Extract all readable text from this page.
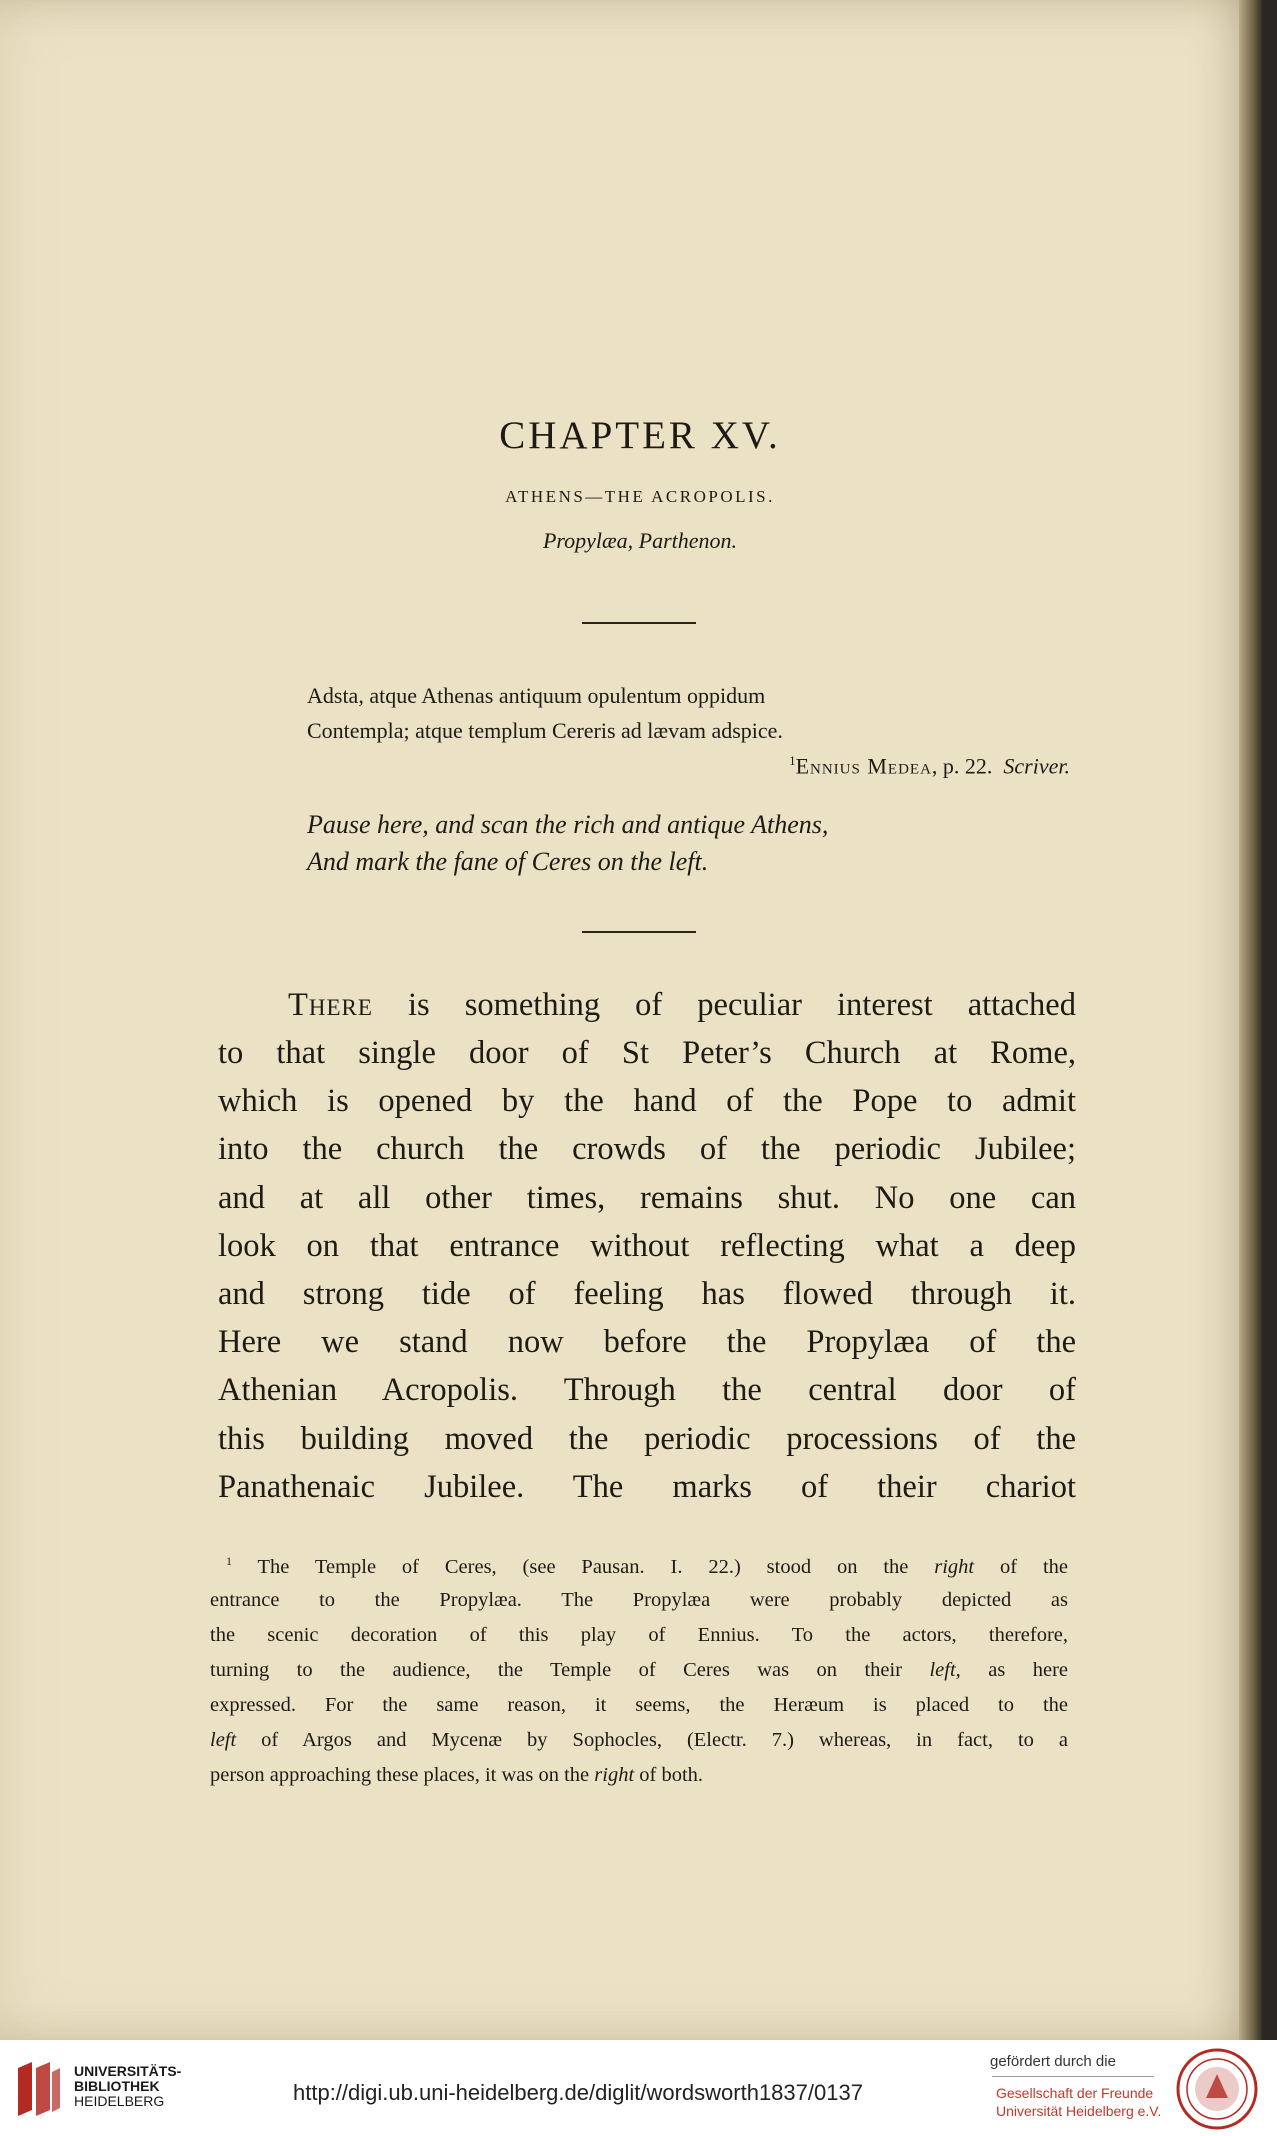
CHAPTER XV.
ATHENS—THE ACROPOLIS.
Propylæa, Parthenon.
Adsta, atque Athenas antiquum opulentum oppidum
Contempla; atque templum Cereris ad lævam adspice.
$^1$Ennius Medea, p. 22. Scriver.
Pause here, and scan the rich and antique Athens,
And mark the fane of Ceres on the left.
There is something of peculiar interest attached
to that single door of St Peter’s Church at Rome,
which is opened by the hand of the Pope to admit
into the church the crowds of the periodic Jubilee;
and at all other times, remains shut. No one can
look on that entrance without reflecting what a deep
and strong tide of feeling has flowed through it.
Here we stand now before the Propylæa of the
Athenian Acropolis. Through the central door of
this building moved the periodic processions of the
Panathenaic Jubilee. The marks of their chariot
$^1$ The Temple of Ceres, (see Pausan. I. 22.) stood on the right of the
entrance to the Propylæa. The Propylæa were probably depicted as
the scenic decoration of this play of Ennius. To the actors, therefore,
turning to the audience, the Temple of Ceres was on their left, as here
expressed. For the same reason, it seems, the Heræum is placed to the
left of Argos and Mycenæ by Sophocles, (Electr. 7.) whereas, in fact, to a
person approaching these places, it was on the right of both.
UNIVERSITÄTS-
BIBLIOTHEK
HEIDELBERG	http://digi.ub.uni-heidelberg.de/diglit/wordsworth1837/0137
gefördert durch die
Gesellschaft der Freunde
Universität Heidelberg e.V.
